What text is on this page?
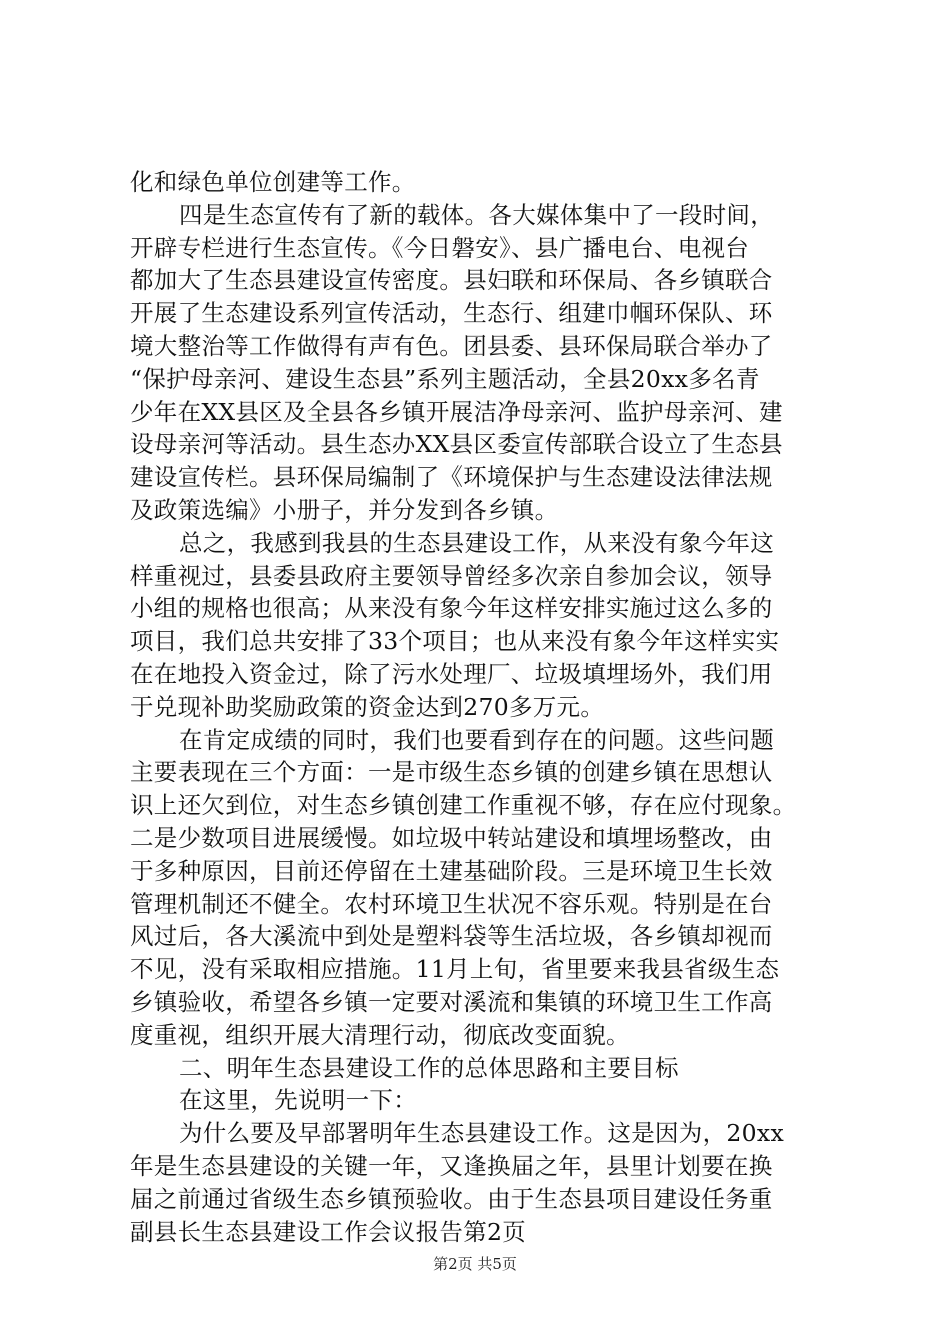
化和绿色单位创建等工作。
四是生态宣传有了新的载体。各大媒体集中了一段时间，
开辟专栏进行生态宣传。《今日磐安》、县广播电台、电视台
都加大了生态县建设宣传密度。县妇联和环保局、各乡镇联合
开展了生态建设系列宣传活动，生态行、组建巾帼环保队、环
境大整治等工作做得有声有色。团县委、县环保局联合举办了
“保护母亲河、建设生态县”系列主题活动，全县20xx多名青
少年在XX县区及全县各乡镇开展洁净母亲河、监护母亲河、建
设母亲河等活动。县生态办XX县区委宣传部联合设立了生态县
建设宣传栏。县环保局编制了《环境保护与生态建设法律法规
及政策选编》小册子，并分发到各乡镇。
总之，我感到我县的生态县建设工作，从来没有象今年这
样重视过，县委县政府主要领导曾经多次亲自参加会议，领导
小组的规格也很高；从来没有象今年这样安排实施过这么多的
项目，我们总共安排了33个项目；也从来没有象今年这样实实
在在地投入资金过，除了污水处理厂、垃圾填埋场外，我们用
于兑现补助奖励政策的资金达到270多万元。
在肯定成绩的同时，我们也要看到存在的问题。这些问题
主要表现在三个方面：一是市级生态乡镇的创建乡镇在思想认
识上还欠到位，对生态乡镇创建工作重视不够，存在应付现象。
二是少数项目进展缓慢。如垃圾中转站建设和填埋场整改，由
于多种原因，目前还停留在土建基础阶段。三是环境卫生长效
管理机制还不健全。农村环境卫生状况不容乐观。特别是在台
风过后，各大溪流中到处是塑料袋等生活垃圾，各乡镇却视而
不见，没有采取相应措施。11月上旬，省里要来我县省级生态
乡镇验收，希望各乡镇一定要对溪流和集镇的环境卫生工作高
度重视，组织开展大清理行动，彻底改变面貌。
二、明年生态县建设工作的总体思路和主要目标
在这里，先说明一下：
为什么要及早部署明年生态县建设工作。这是因为，20xx
年是生态县建设的关键一年，又逢换届之年，县里计划要在换
届之前通过省级生态乡镇预验收。由于生态县项目建设任务重
副县长生态县建设工作会议报告第2页
第2页 共5页
